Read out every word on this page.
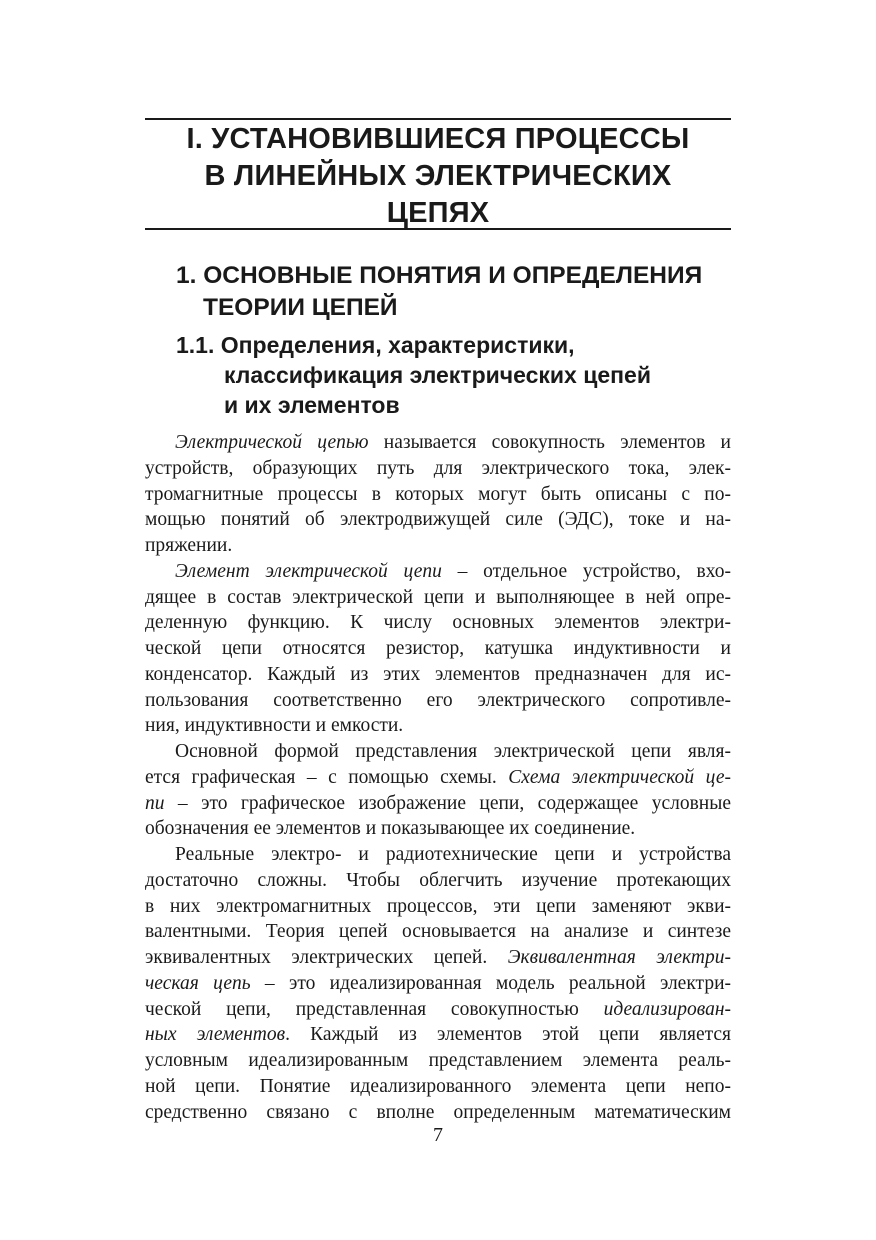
I. УСТАНОВИВШИЕСЯ ПРОЦЕССЫ
В ЛИНЕЙНЫХ ЭЛЕКТРИЧЕСКИХ
ЦЕПЯХ
1. ОСНОВНЫЕ ПОНЯТИЯ И ОПРЕДЕЛЕНИЯ
ТЕОРИИ ЦЕПЕЙ
1.1. Определения, характеристики,
классификация электрических цепей
и их элементов
Электрической цепью называется совокупность элементов и
устройств, образующих путь для электрического тока, элек-
тромагнитные процессы в которых могут быть описаны с по-
мощью понятий об электродвижущей силе (ЭДС), токе и на-
пряжении.
Элемент электрической цепи – отдельное устройство, вхо-
дящее в состав электрической цепи и выполняющее в ней опре-
деленную функцию. К числу основных элементов электри-
ческой цепи относятся резистор, катушка индуктивности и
конденсатор. Каждый из этих элементов предназначен для ис-
пользования соответственно его электрического сопротивле-
ния, индуктивности и емкости.
Основной формой представления электрической цепи явля-
ется графическая – с помощью схемы. Схема электрической це-
пи – это графическое изображение цепи, содержащее условные
обозначения ее элементов и показывающее их соединение.
Реальные электро- и радиотехнические цепи и устройства
достаточно сложны. Чтобы облегчить изучение протекающих
в них электромагнитных процессов, эти цепи заменяют экви-
валентными. Теория цепей основывается на анализе и синтезе
эквивалентных электрических цепей. Эквивалентная электри-
ческая цепь – это идеализированная модель реальной электри-
ческой цепи, представленная совокупностью идеализирован-
ных элементов. Каждый из элементов этой цепи является
условным идеализированным представлением элемента реаль-
ной цепи. Понятие идеализированного элемента цепи непо-
средственно связано с вполне определенным математическим
7
